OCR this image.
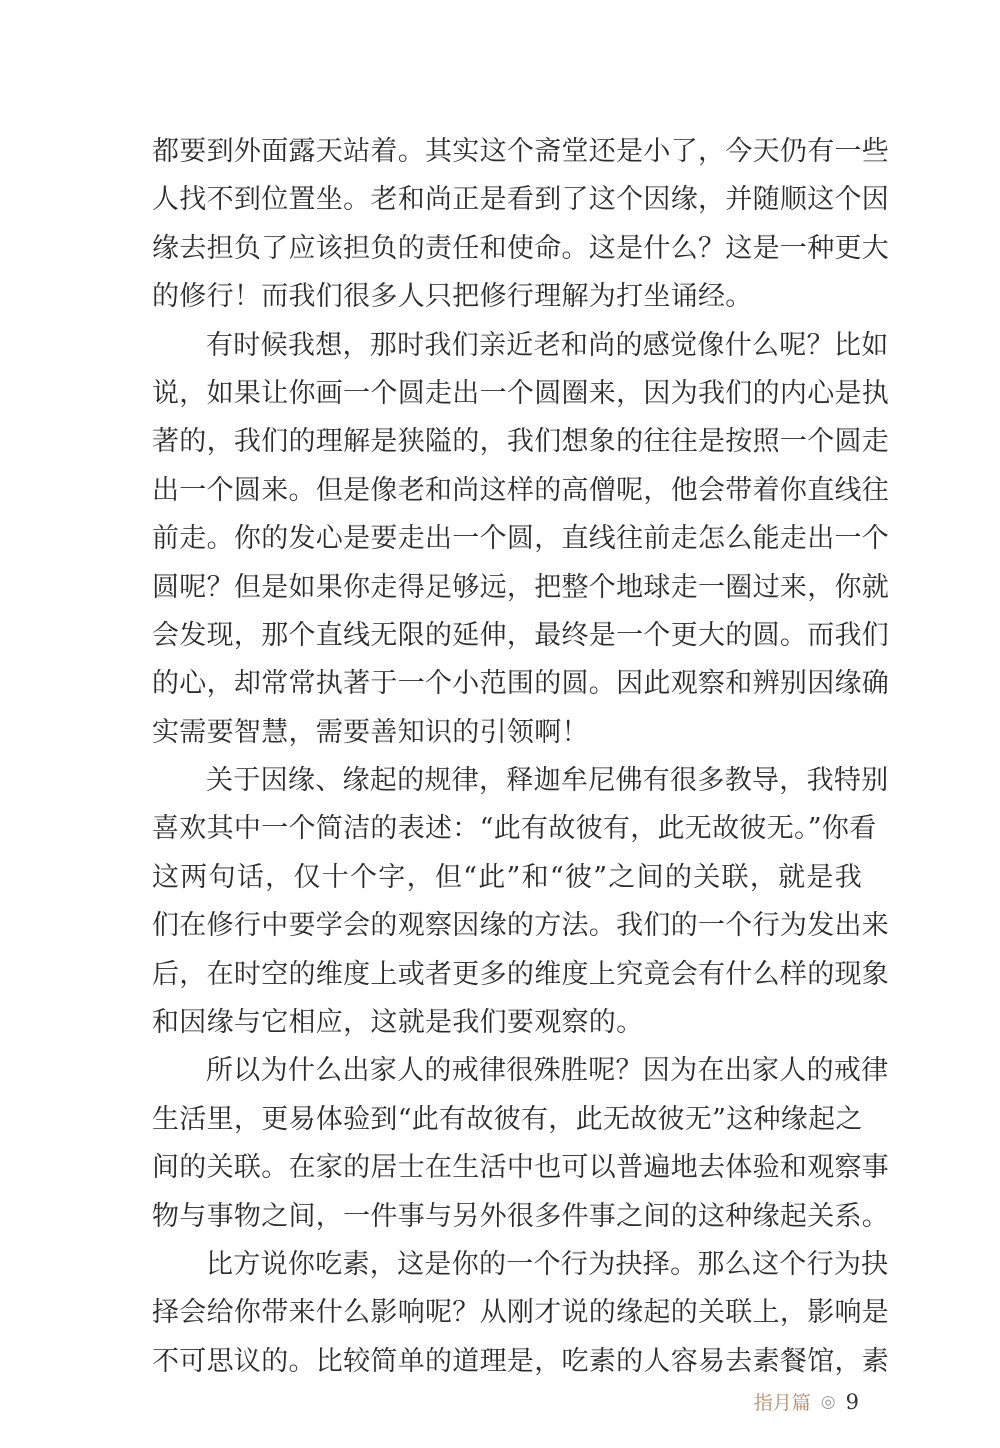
都要到外面露天站着。其实这个斋堂还是小了，今天仍有一些
人找不到位置坐。老和尚正是看到了这个因缘，并随顺这个因
缘去担负了应该担负的责任和使命。这是什么？这是一种更大
的修行！而我们很多人只把修行理解为打坐诵经。
有时候我想，那时我们亲近老和尚的感觉像什么呢？比如
说，如果让你画一个圆走出一个圆圈来，因为我们的内心是执
著的，我们的理解是狭隘的，我们想象的往往是按照一个圆走
出一个圆来。但是像老和尚这样的高僧呢，他会带着你直线往
前走。你的发心是要走出一个圆，直线往前走怎么能走出一个
圆呢？但是如果你走得足够远，把整个地球走一圈过来，你就
会发现，那个直线无限的延伸，最终是一个更大的圆。而我们
的心，却常常执著于一个小范围的圆。因此观察和辨别因缘确
实需要智慧，需要善知识的引领啊！
关于因缘、缘起的规律，释迦牟尼佛有很多教导，我特别
喜欢其中一个简洁的表述：“此有故彼有，此无故彼无。”你看
这两句话，仅十个字，但“此”和“彼”之间的关联，就是我
们在修行中要学会的观察因缘的方法。我们的一个行为发出来
后，在时空的维度上或者更多的维度上究竟会有什么样的现象
和因缘与它相应，这就是我们要观察的。
所以为什么出家人的戒律很殊胜呢？因为在出家人的戒律
生活里，更易体验到“此有故彼有，此无故彼无”这种缘起之
间的关联。在家的居士在生活中也可以普遍地去体验和观察事
物与事物之间，一件事与另外很多件事之间的这种缘起关系。
比方说你吃素，这是你的一个行为抉择。那么这个行为抉
择会给你带来什么影响呢？从刚才说的缘起的关联上，影响是
不可思议的。比较简单的道理是，吃素的人容易去素餐馆，素
指月篇 ◎ 9
